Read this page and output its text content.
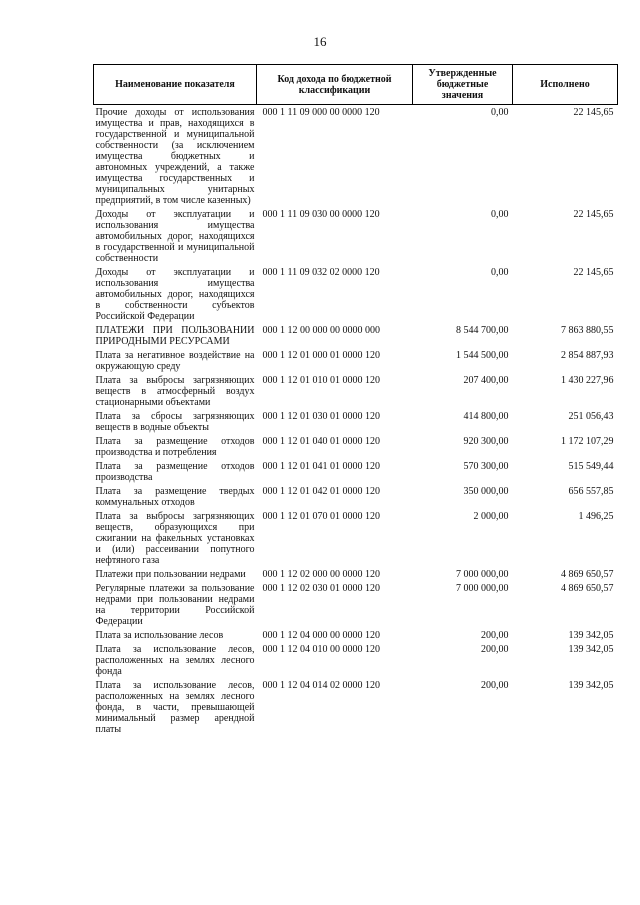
16
Наименование показателя	Код дохода по бюджетной классификации	Утвержденные бюджетные значения	Исполнено
Прочие доходы от использования имущества и прав, находящихся в государственной и муниципальной собственности (за исключением имущества бюджетных и автономных учреждений, а также имущества государственных и муниципальных унитарных предприятий, в том числе казенных)	000 1 11 09 000 00 0000 120	0,00	22 145,65
Доходы от эксплуатации и использования имущества автомобильных дорог, находящихся в государственной и муниципальной собственности	000 1 11 09 030 00 0000 120	0,00	22 145,65
Доходы от эксплуатации и использования имущества автомобильных дорог, находящихся в собственности субъектов Российской Федерации	000 1 11 09 032 02 0000 120	0,00	22 145,65
ПЛАТЕЖИ ПРИ ПОЛЬЗОВАНИИ ПРИРОДНЫМИ РЕСУРСАМИ	000 1 12 00 000 00 0000 000	8 544 700,00	7 863 880,55
Плата за негативное воздействие на окружающую среду	000 1 12 01 000 01 0000 120	1 544 500,00	2 854 887,93
Плата за выбросы загрязняющих веществ в атмосферный воздух стационарными объектами	000 1 12 01 010 01 0000 120	207 400,00	1 430 227,96
Плата за сбросы загрязняющих веществ в водные объекты	000 1 12 01 030 01 0000 120	414 800,00	251 056,43
Плата за размещение отходов производства и потребления	000 1 12 01 040 01 0000 120	920 300,00	1 172 107,29
Плата за размещение отходов производства	000 1 12 01 041 01 0000 120	570 300,00	515 549,44
Плата за размещение твердых коммунальных отходов	000 1 12 01 042 01 0000 120	350 000,00	656 557,85
Плата за выбросы загрязняющих веществ, образующихся при сжигании на факельных установках и (или) рассеивании попутного нефтяного газа	000 1 12 01 070 01 0000 120	2 000,00	1 496,25
Платежи при пользовании недрами	000 1 12 02 000 00 0000 120	7 000 000,00	4 869 650,57
Регулярные платежи за пользование недрами при пользовании недрами на территории Российской Федерации	000 1 12 02 030 01 0000 120	7 000 000,00	4 869 650,57
Плата за использование лесов	000 1 12 04 000 00 0000 120	200,00	139 342,05
Плата за использование лесов, расположенных на землях лесного фонда	000 1 12 04 010 00 0000 120	200,00	139 342,05
Плата за использование лесов, расположенных на землях лесного фонда, в части, превышающей минимальный размер арендной платы	000 1 12 04 014 02 0000 120	200,00	139 342,05
